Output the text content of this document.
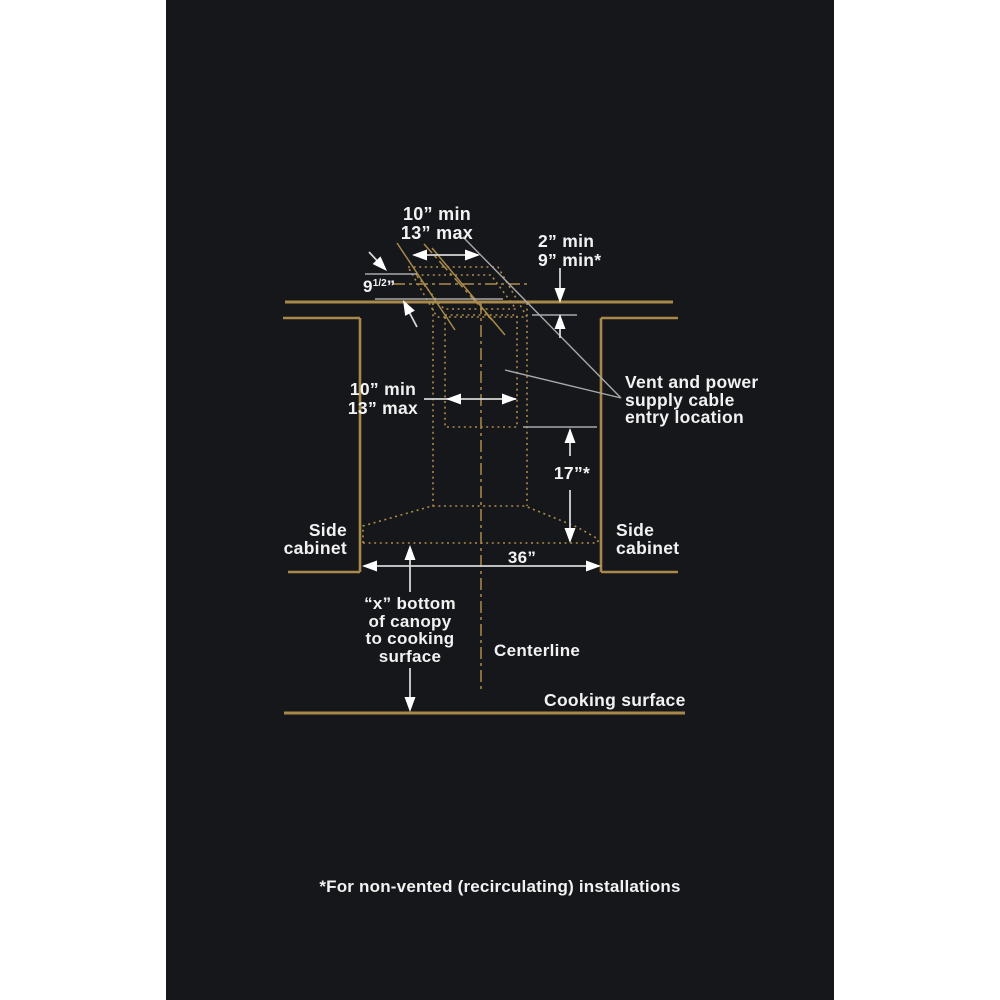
10” min
13” max
$9^{1/2}$”
2” min
9” min*
10” min
13” max
Vent and power
supply cable
entry location
17”*
Side
cabinet
Side
cabinet
36”
“x” bottom
of canopy
to cooking
surface	Centerline
Cooking surface
*For non-vented (recirculating) installations
